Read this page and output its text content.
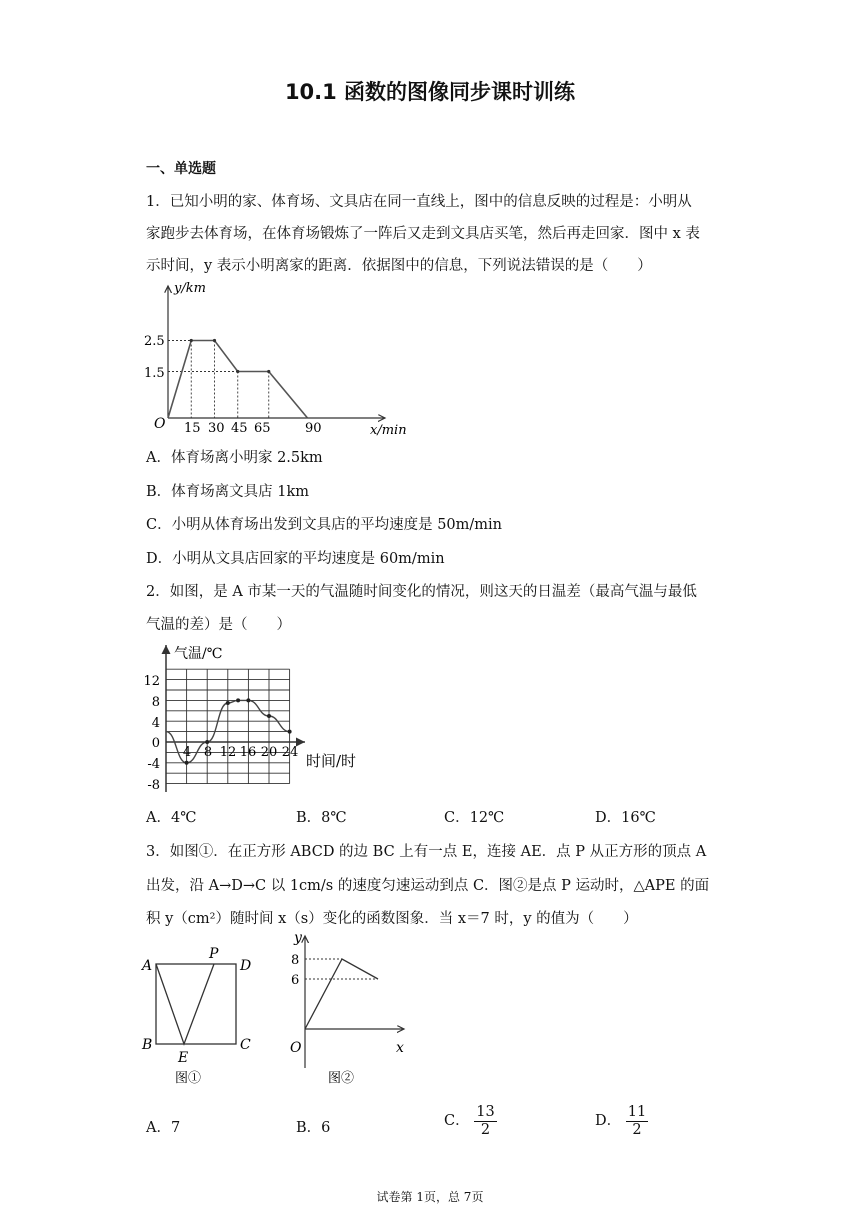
10.1 函数的图像同步课时训练
一、单选题
1．已知小明的家、体育场、文具店在同一直线上，图中的信息反映的过程是：小明从
家跑步去体育场，在体育场锻炼了一阵后又走到文具店买笔，然后再走回家．图中 x 表
示时间，y 表示小明离家的距离．依据图中的信息，下列说法错误的是（　　）
y/km
x/min
O
2.5
1.5
15 30 45 65	90
A．体育场离小明家 2.5km
B．体育场离文具店 1km
C．小明从体育场出发到文具店的平均速度是 50m/min
D．小明从文具店回家的平均速度是 60m/min
2．如图，是 A 市某一天的气温随时间变化的情况，则这天的日温差（最高气温与最低
气温的差）是（　　）
气温/℃
时间/时
12
8
4
0
-4
-8
4 8 12 16 20 24
A．4℃	B．8℃	C．12℃	D．16℃
3．如图①．在正方形 ABCD 的边 BC 上有一点 E，连接 AE．点 P 从正方形的顶点 A
出发，沿 A→D→C 以 1cm/s 的速度匀速运动到点 C．图②是点 P 运动时，△APE 的面
积 y（cm²）随时间 x（s）变化的函数图象．当 x＝7 时，y 的值为（　　）
A
P
D
B
E
C
图①
y
x
O
8
6
图②
A．7	B．6	C． $\frac{13}{2}$	D． $\frac{11}{2}$
试卷第 1页，总 7页
